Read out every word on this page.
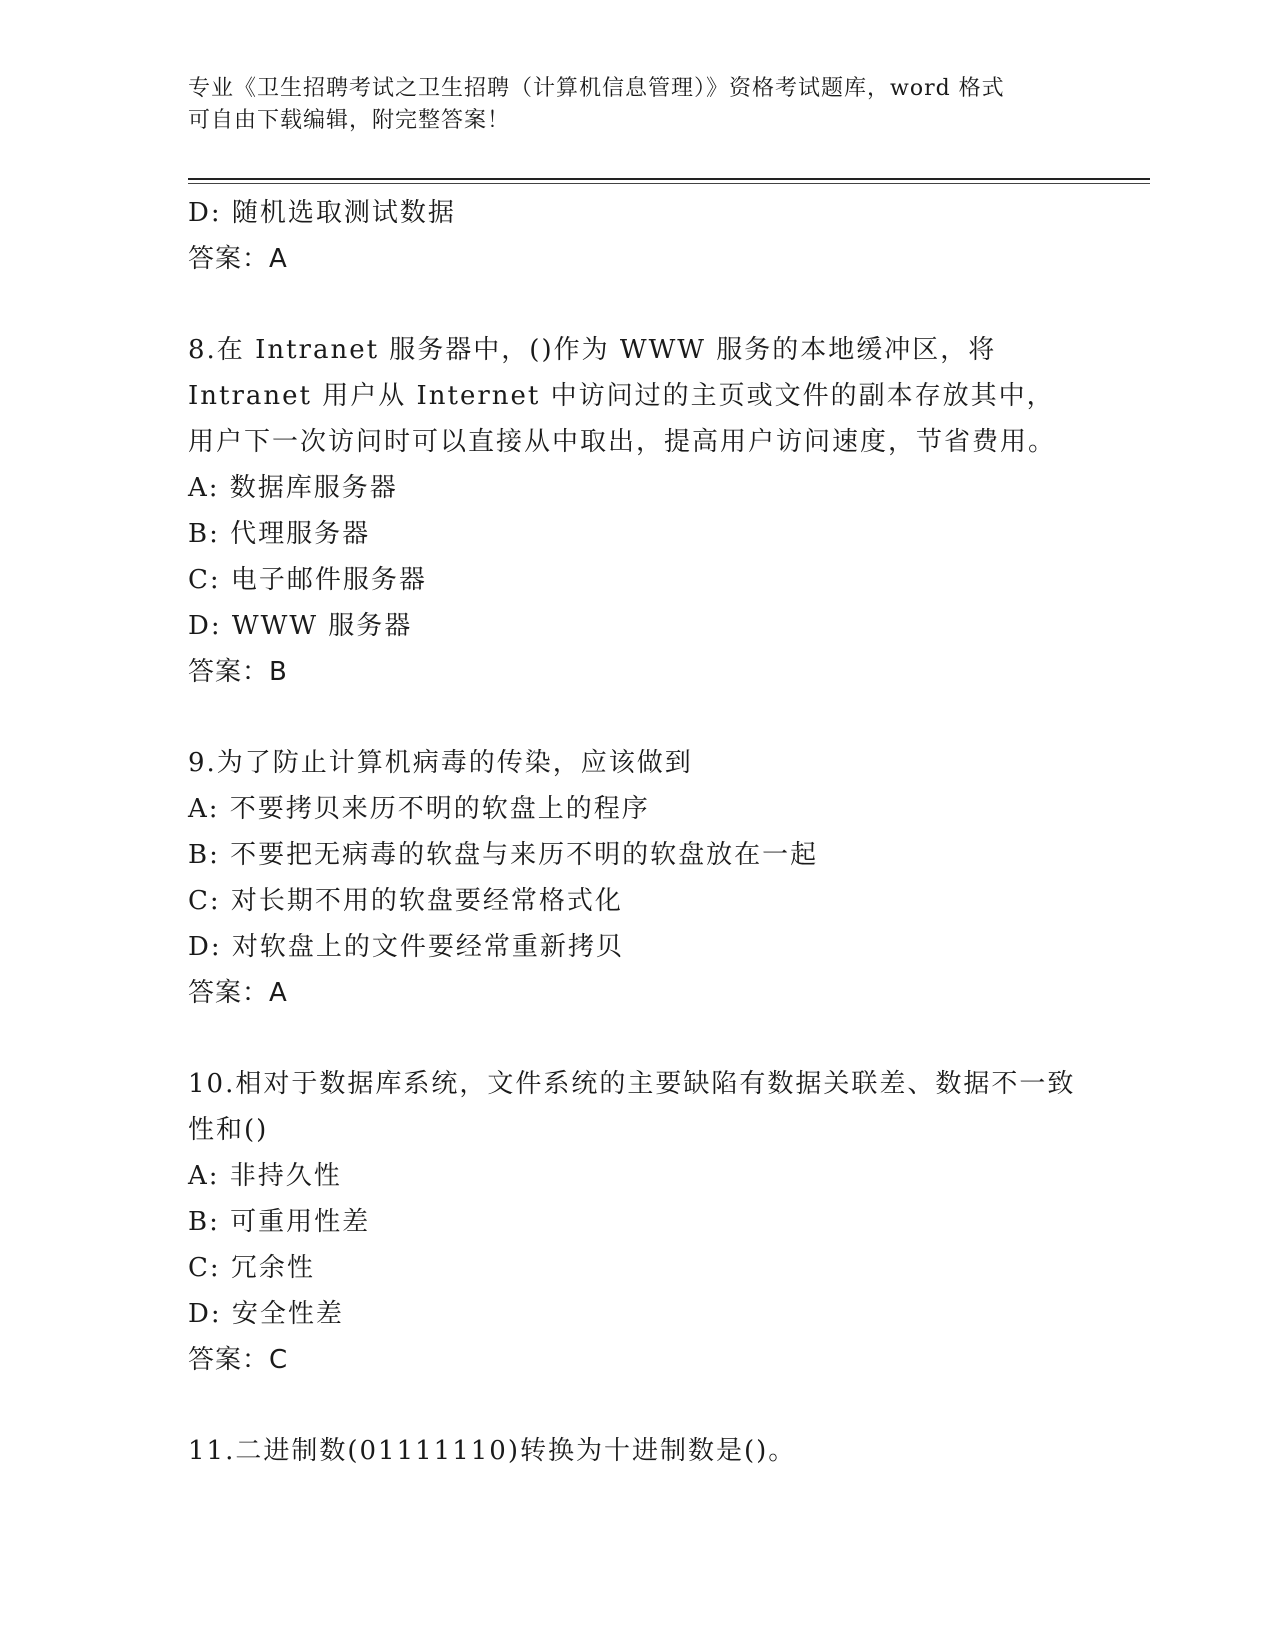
专业《卫生招聘考试之卫生招聘（计算机信息管理）》资格考试题库，word 格式
可自由下载编辑，附完整答案！
D: 随机选取测试数据
答案：A
8.在 Intranet 服务器中，()作为 WWW 服务的本地缓冲区，将 Intranet 用户从 Internet 中访问过的主页或文件的副本存放其中，用户下一次访问时可以直接从中取出，提高用户访问速度，节省费用。
A: 数据库服务器
B: 代理服务器
C: 电子邮件服务器
D: WWW 服务器
答案：B
9.为了防止计算机病毒的传染，应该做到
A: 不要拷贝来历不明的软盘上的程序
B: 不要把无病毒的软盘与来历不明的软盘放在一起
C: 对长期不用的软盘要经常格式化
D: 对软盘上的文件要经常重新拷贝
答案：A
10.相对于数据库系统，文件系统的主要缺陷有数据关联差、数据不一致性和()
A: 非持久性
B: 可重用性差
C: 冗余性
D: 安全性差
答案：C
11.二进制数(01111110)转换为十进制数是()。
